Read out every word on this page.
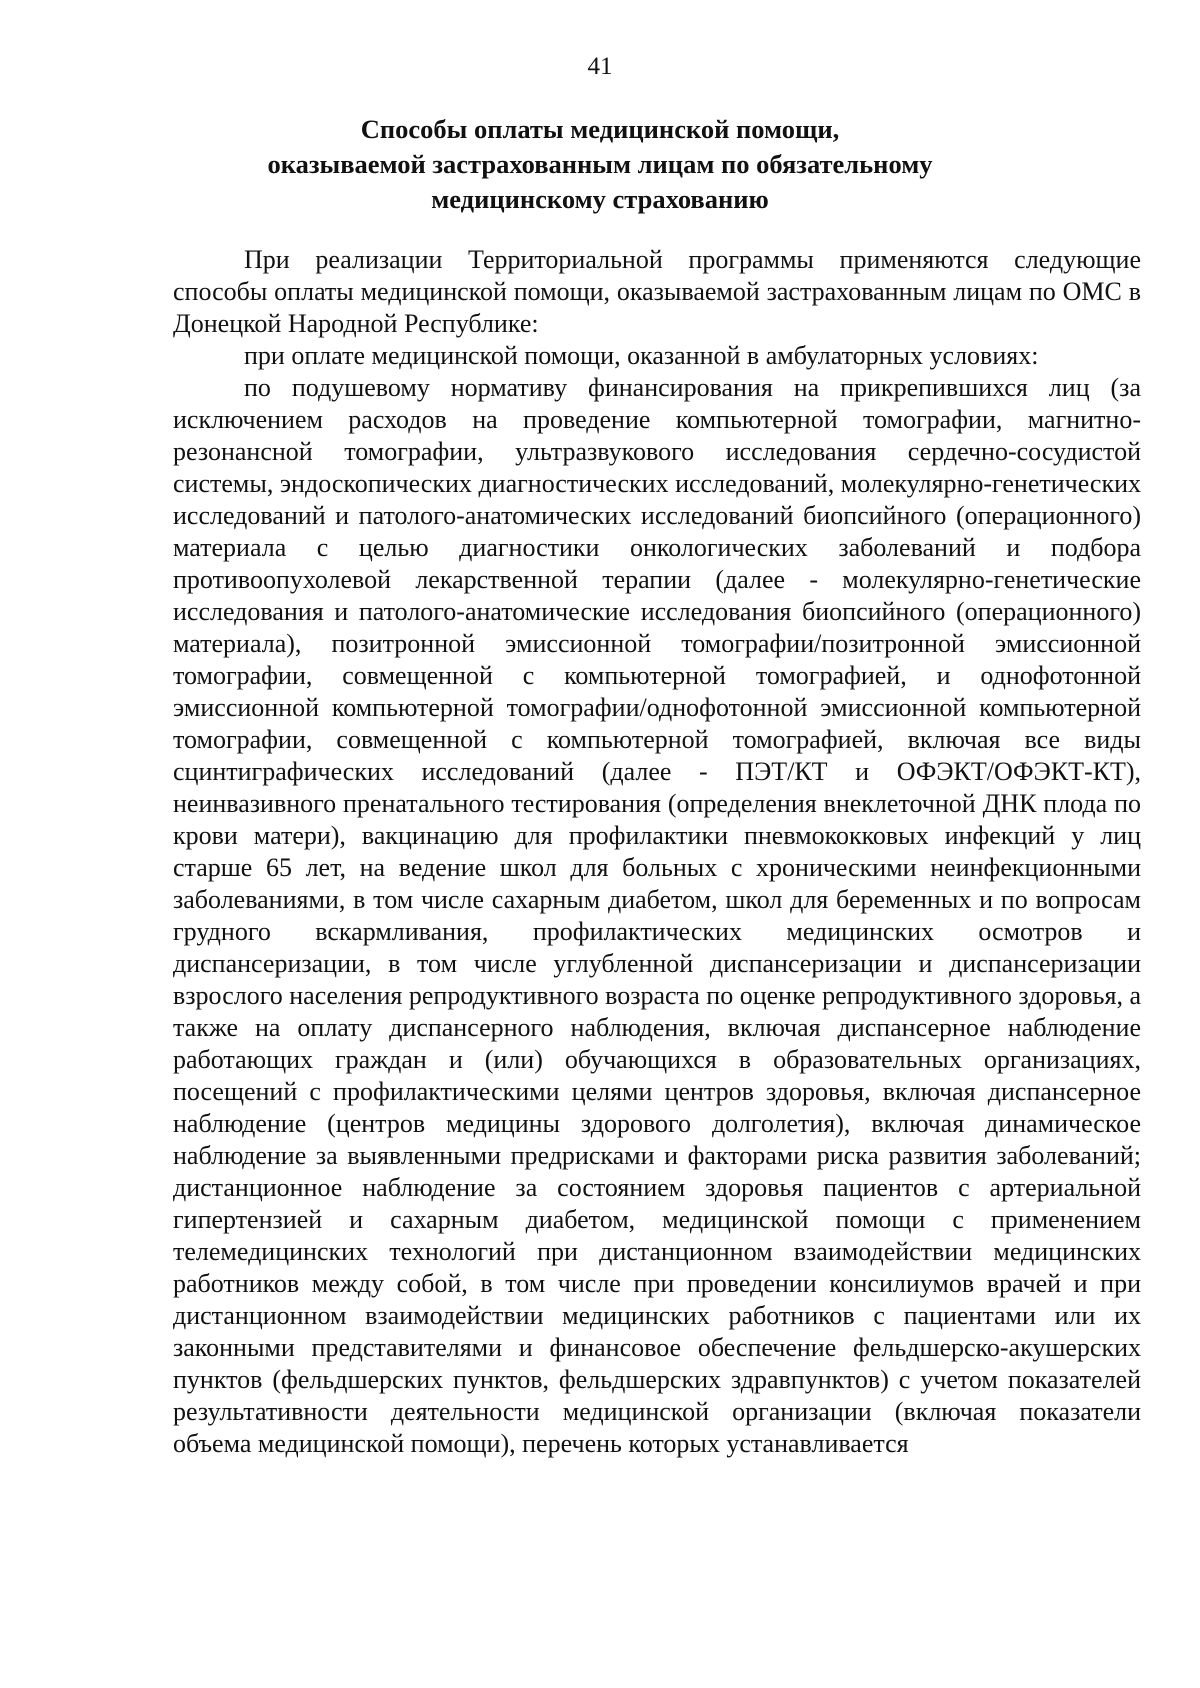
41

Способы оплаты медицинской помощи,
оказываемой застрахованным лицам по обязательному
медицинскому страхованию

При реализации Территориальной программы применяются следующие способы оплаты медицинской помощи, оказываемой застрахованным лицам по ОМС в Донецкой Народной Республике:

при оплате медицинской помощи, оказанной в амбулаторных условиях:

по подушевому нормативу финансирования на прикрепившихся лиц (за исключением расходов на проведение компьютерной томографии, магнитно-резонансной томографии, ультразвукового исследования сердечно-сосудистой системы, эндоскопических диагностических исследований, молекулярно-генетических исследований и патолого-анатомических исследований биопсийного (операционного) материала с целью диагностики онкологических заболеваний и подбора противоопухолевой лекарственной терапии (далее - молекулярно-генетические исследования и патолого-анатомические исследования биопсийного (операционного) материала), позитронной эмиссионной томографии/позитронной эмиссионной томографии, совмещенной с компьютерной томографией, и однофотонной эмиссионной компьютерной томографии/однофотонной эмиссионной компьютерной томографии, совмещенной с компьютерной томографией, включая все виды сцинтиграфических исследований (далее - ПЭТ/КТ и ОФЭКТ/ОФЭКТ-КТ), неинвазивного пренатального тестирования (определения внеклеточной ДНК плода по крови матери), вакцинацию для профилактики пневмококковых инфекций у лиц старше 65 лет, на ведение школ для больных с хроническими неинфекционными заболеваниями, в том числе сахарным диабетом, школ для беременных и по вопросам грудного вскармливания, профилактических медицинских осмотров и диспансеризации, в том числе углубленной диспансеризации и диспансеризации взрослого населения репродуктивного возраста по оценке репродуктивного здоровья, а также на оплату диспансерного наблюдения, включая диспансерное наблюдение работающих граждан и (или) обучающихся в образовательных организациях, посещений с профилактическими целями центров здоровья, включая диспансерное наблюдение (центров медицины здорового долголетия), включая динамическое наблюдение за выявленными предрисками и факторами риска развития заболеваний; дистанционное наблюдение за состоянием здоровья пациентов с артериальной гипертензией и сахарным диабетом, медицинской помощи с применением телемедицинских технологий при дистанционном взаимодействии медицинских работников между собой, в том числе при проведении консилиумов врачей и при дистанционном взаимодействии медицинских работников с пациентами или их законными представителями и финансовое обеспечение фельдшерско-акушерских пунктов (фельдшерских пунктов, фельдшерских здравпунктов) с учетом показателей результативности деятельности медицинской организации (включая показатели объема медицинской помощи), перечень которых устанавливается
